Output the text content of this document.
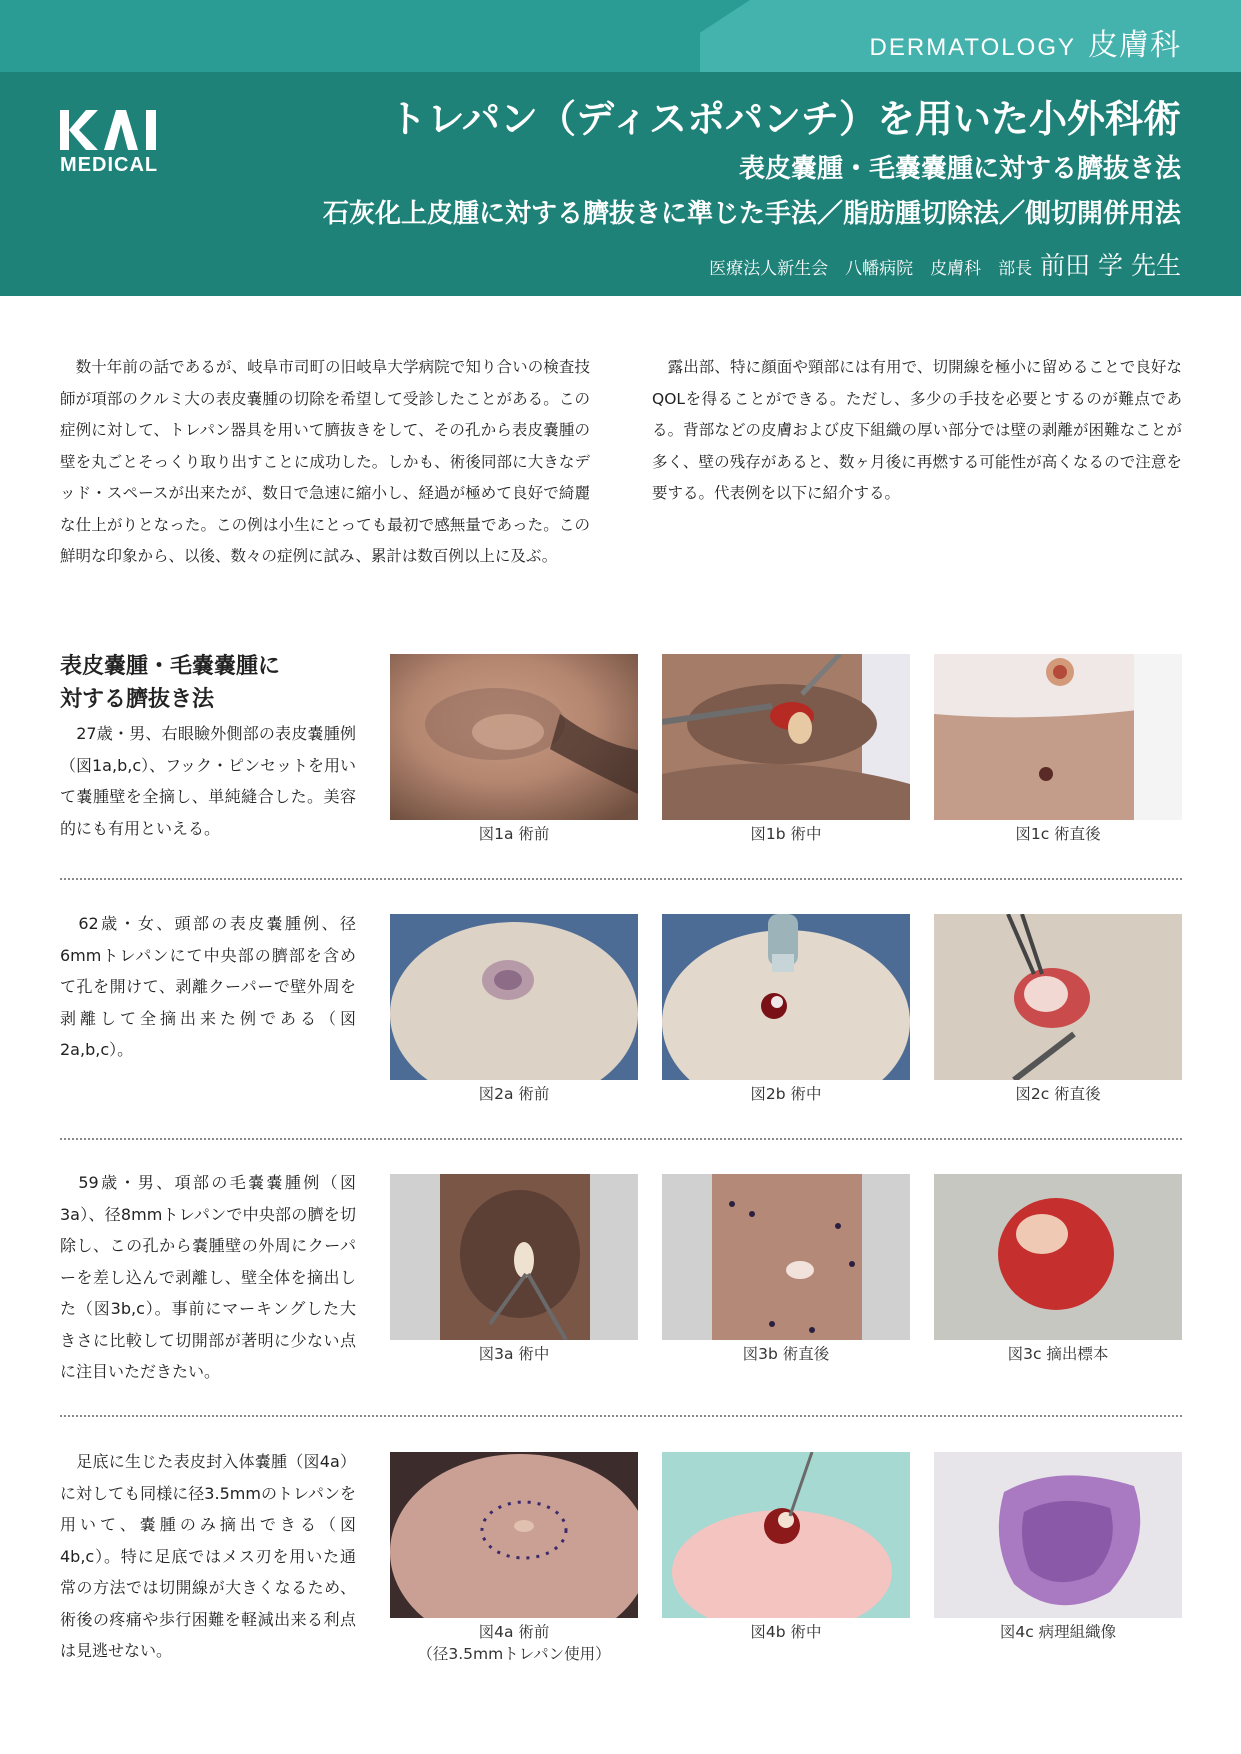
DERMATOLOGY 皮膚科
MEDICAL
トレパン（ディスポパンチ）を用いた小外科術
表皮嚢腫・毛嚢嚢腫に対する臍抜き法
石灰化上皮腫に対する臍抜きに準じた手法／脂肪腫切除法／側切開併用法
医療法人新生会　八幡病院　皮膚科　部長 前田 学 先生
　数十年前の話であるが、岐阜市司町の旧岐阜大学病院で知り合いの検査技師が項部のクルミ大の表皮嚢腫の切除を希望して受診したことがある。この症例に対して、トレパン器具を用いて臍抜きをして、その孔から表皮嚢腫の壁を丸ごとそっくり取り出すことに成功した。しかも、術後同部に大きなデッド・スペースが出来たが、数日で急速に縮小し、経過が極めて良好で綺麗な仕上がりとなった。この例は小生にとっても最初で感無量であった。この鮮明な印象から、以後、数々の症例に試み、累計は数百例以上に及ぶ。
　露出部、特に顔面や頸部には有用で、切開線を極小に留めることで良好なQOLを得ることができる。ただし、多少の手技を必要とするのが難点である。背部などの皮膚および皮下組織の厚い部分では壁の剥離が困難なことが多く、壁の残存があると、数ヶ月後に再燃する可能性が高くなるので注意を要する。代表例を以下に紹介する。
表皮嚢腫・毛嚢嚢腫に
対する臍抜き法
　27歳・男、右眼瞼外側部の表皮嚢腫例（図1a,b,c）、フック・ピンセットを用いて嚢腫壁を全摘し、単純縫合した。美容的にも有用といえる。	図1a 術前	図1b 術中	図1c 術直後
　62歳・女、頭部の表皮嚢腫例、径6mmトレパンにて中央部の臍部を含めて孔を開けて、剥離クーパーで壁外周を剥離して全摘出来た例である（図2a,b,c）。
図2a 術前	図2b 術中	図2c 術直後
　59歳・男、項部の毛嚢嚢腫例（図3a）、径8mmトレパンで中央部の臍を切除し、この孔から嚢腫壁の外周にクーパーを差し込んで剥離し、壁全体を摘出した（図3b,c）。事前にマーキングした大きさに比較して切開部が著明に少ない点に注目いただきたい。
図3a 術中	図3b 術直後	図3c 摘出標本
　足底に生じた表皮封入体嚢腫（図4a）に対しても同様に径3.5mmのトレパンを用いて、嚢腫のみ摘出できる（図4b,c）。特に足底ではメス刃を用いた通常の方法では切開線が大きくなるため、術後の疼痛や歩行困難を軽減出来る利点は見逃せない。
図4a 術前
（径3.5mmトレパン使用）
図4b 術中	図4c 病理組織像
